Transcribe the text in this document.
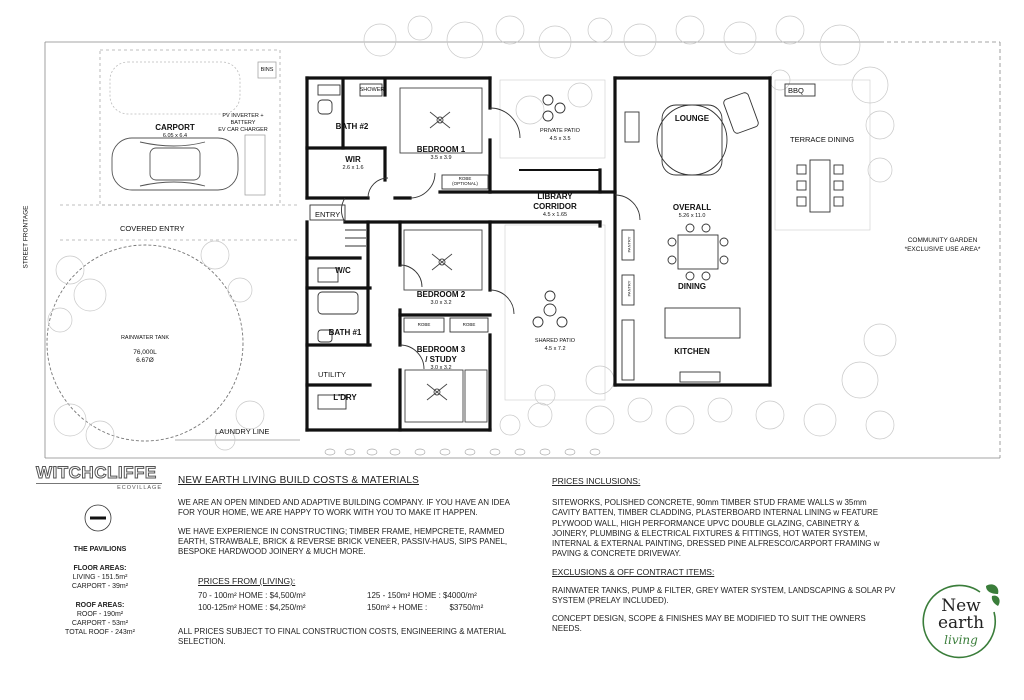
STREET FRONTAGE
CARPORT
6.05 x 6.4
BINS
PV INVERTER +
BATTERY
EV CAR CHARGER
COVERED ENTRY
RAINWATER TANK
76,000L
6.67Ø
LAUNDRY LINE
SHOWER
BATH #2
WIR
2.6 x 1.6
BEDROOM 1
3.5 x 3.9
ROBE
(OPTIONAL)
PRIVATE PATIO
4.5 x 3.5
ENTRY
LIBRARY
CORRIDOR
4.5 x 1.65
W/C
BEDROOM 2
3.0 x 3.2
ROBE	ROBE
BATH #1
BEDROOM 3
/ STUDY
3.0 x 3.2
UTILITY
L'DRY
SHARED PATIO
4.5 x 7.2
LOUNGE
OVERALL
5.26 x 11.0
DINING
KITCHEN
PANTRY
PANTRY
BBQ
TERRACE DINING
COMMUNITY GARDEN
*EXCLUSIVE USE AREA*
WITCHCLIFFE
ECOVILLAGE
THE PAVILIONS
FLOOR AREAS:
LIVING - 151.5m²
CARPORT - 39m²
ROOF AREAS:
ROOF - 190m²
CARPORT - 53m²
TOTAL ROOF - 243m²
NEW EARTH LIVING BUILD COSTS & MATERIALS

WE ARE AN OPEN MINDED AND ADAPTIVE BUILDING COMPANY. IF YOU HAVE AN IDEA FOR YOUR HOME, WE ARE HAPPY TO WORK WITH YOU TO MAKE IT HAPPEN.

WE HAVE EXPERIENCE IN CONSTRUCTING; TIMBER FRAME, HEMPCRETE, RAMMED EARTH, STRAWBALE, BRICK & REVERSE BRICK VENEER, PASSIV-HAUS, SIPS PANEL, BESPOKE HARDWOOD JOINERY & MUCH MORE.

PRICES FROM (LIVING):
70 - 100m² HOME : $4,500/m²
100-125m² HOME : $4,250/m²
125 - 150m² HOME : $4000/m²
150m² + HOME :          $3750/m²
ALL PRICES SUBJECT TO FINAL CONSTRUCTION COSTS, ENGINEERING & MATERIAL SELECTION.
PRICES INCLUSIONS:

SITEWORKS, POLISHED CONCRETE, 90mm TIMBER STUD FRAME WALLS w 35mm CAVITY BATTEN, TIMBER CLADDING, PLASTERBOARD INTERNAL LINING w FEATURE PLYWOOD WALL, HIGH PERFORMANCE UPVC DOUBLE GLAZING, CABINETRY & JOINERY, PLUMBING & ELECTRICAL FIXTURES & FITTINGS, HOT WATER SYSTEM, INTERNAL & EXTERNAL PAINTING, DRESSED PINE ALFRESCO/CARPORT FRAMING w PAVING & CONCRETE DRIVEWAY.

EXCLUSIONS & OFF CONTRACT ITEMS:

RAINWATER TANKS, PUMP & FILTER, GREY WATER SYSTEM, LANDSCAPING & SOLAR PV SYSTEM (PRELAY INCLUDED).

CONCEPT DESIGN, SCOPE & FINISHES MAY BE MODIFIED TO SUIT THE OWNERS NEEDS.

New
earth
living
